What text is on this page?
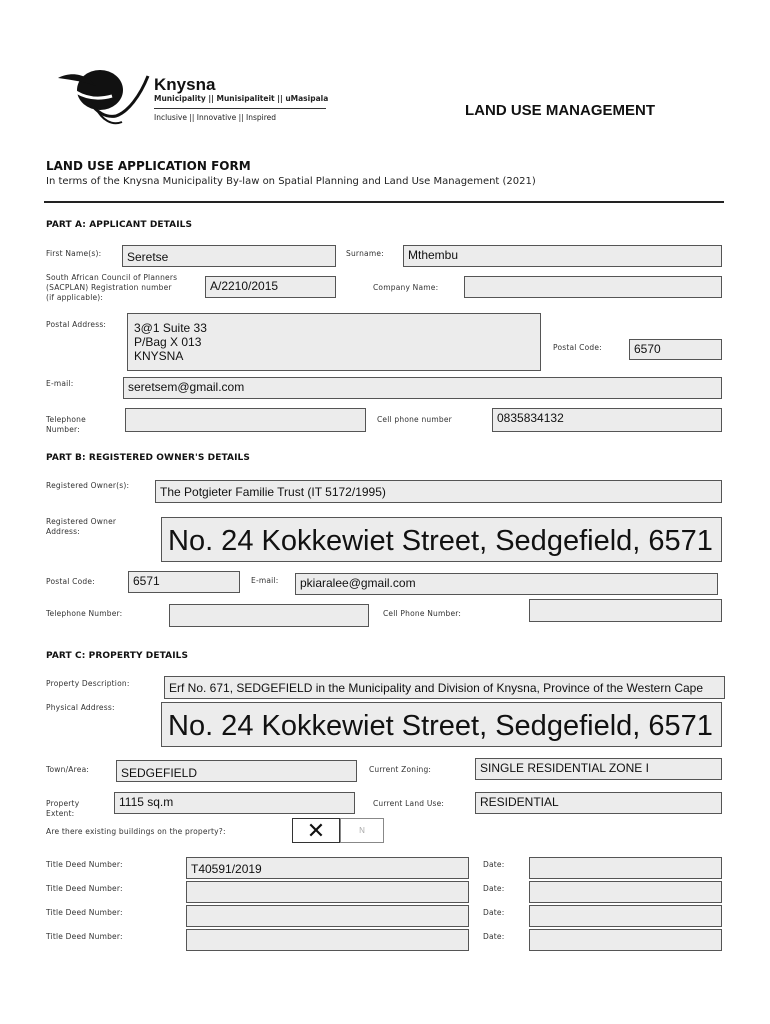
Knysna
Municipality || Munisipaliteit || uMasipala
Inclusive || Innovative || Inspired	LAND USE MANAGEMENT
LAND USE APPLICATION FORM
In terms of the Knysna Municipality By-law on Spatial Planning and Land Use Management (2021)
PART A: APPLICANT DETAILS
First Name(s):	Seretse	Surname:	Mthembu
South African Council of Planners
(SACPLAN) Registration number
(if applicable):
A/2210/2015	Company Name:
Postal Address:	3@1 Suite 33
P/Bag X 013
KNYSNA
Postal Code:	6570
E-mail:	seretsem@gmail.com
Telephone
Number:
Cell phone number	0835834132
PART B: REGISTERED OWNER'S DETAILS
Registered Owner(s):	The Potgieter Familie Trust (IT 5172/1995)
Registered Owner
Address:	No. 24 Kokkewiet Street, Sedgefield, 6571
Postal Code:	6571	E-mail:	pkiaralee@gmail.com
Telephone Number:	Cell Phone Number:
PART C: PROPERTY DETAILS
Property Description:	Erf No. 671, SEDGEFIELD in the Municipality and Division of Knysna, Province of the Western Cape
Physical Address:
No. 24 Kokkewiet Street, Sedgefield, 6571
Town/Area:	SEDGEFIELD	Current Zoning:	SINGLE RESIDENTIAL ZONE I
Property
Extent:
1115 sq.m	Current Land Use:	RESIDENTIAL
Are there existing buildings on the property?:	✕	N
Title Deed Number:	T40591/2019	Date:
Title Deed Number:	Date:
Title Deed Number:	Date:
Title Deed Number:	Date:
